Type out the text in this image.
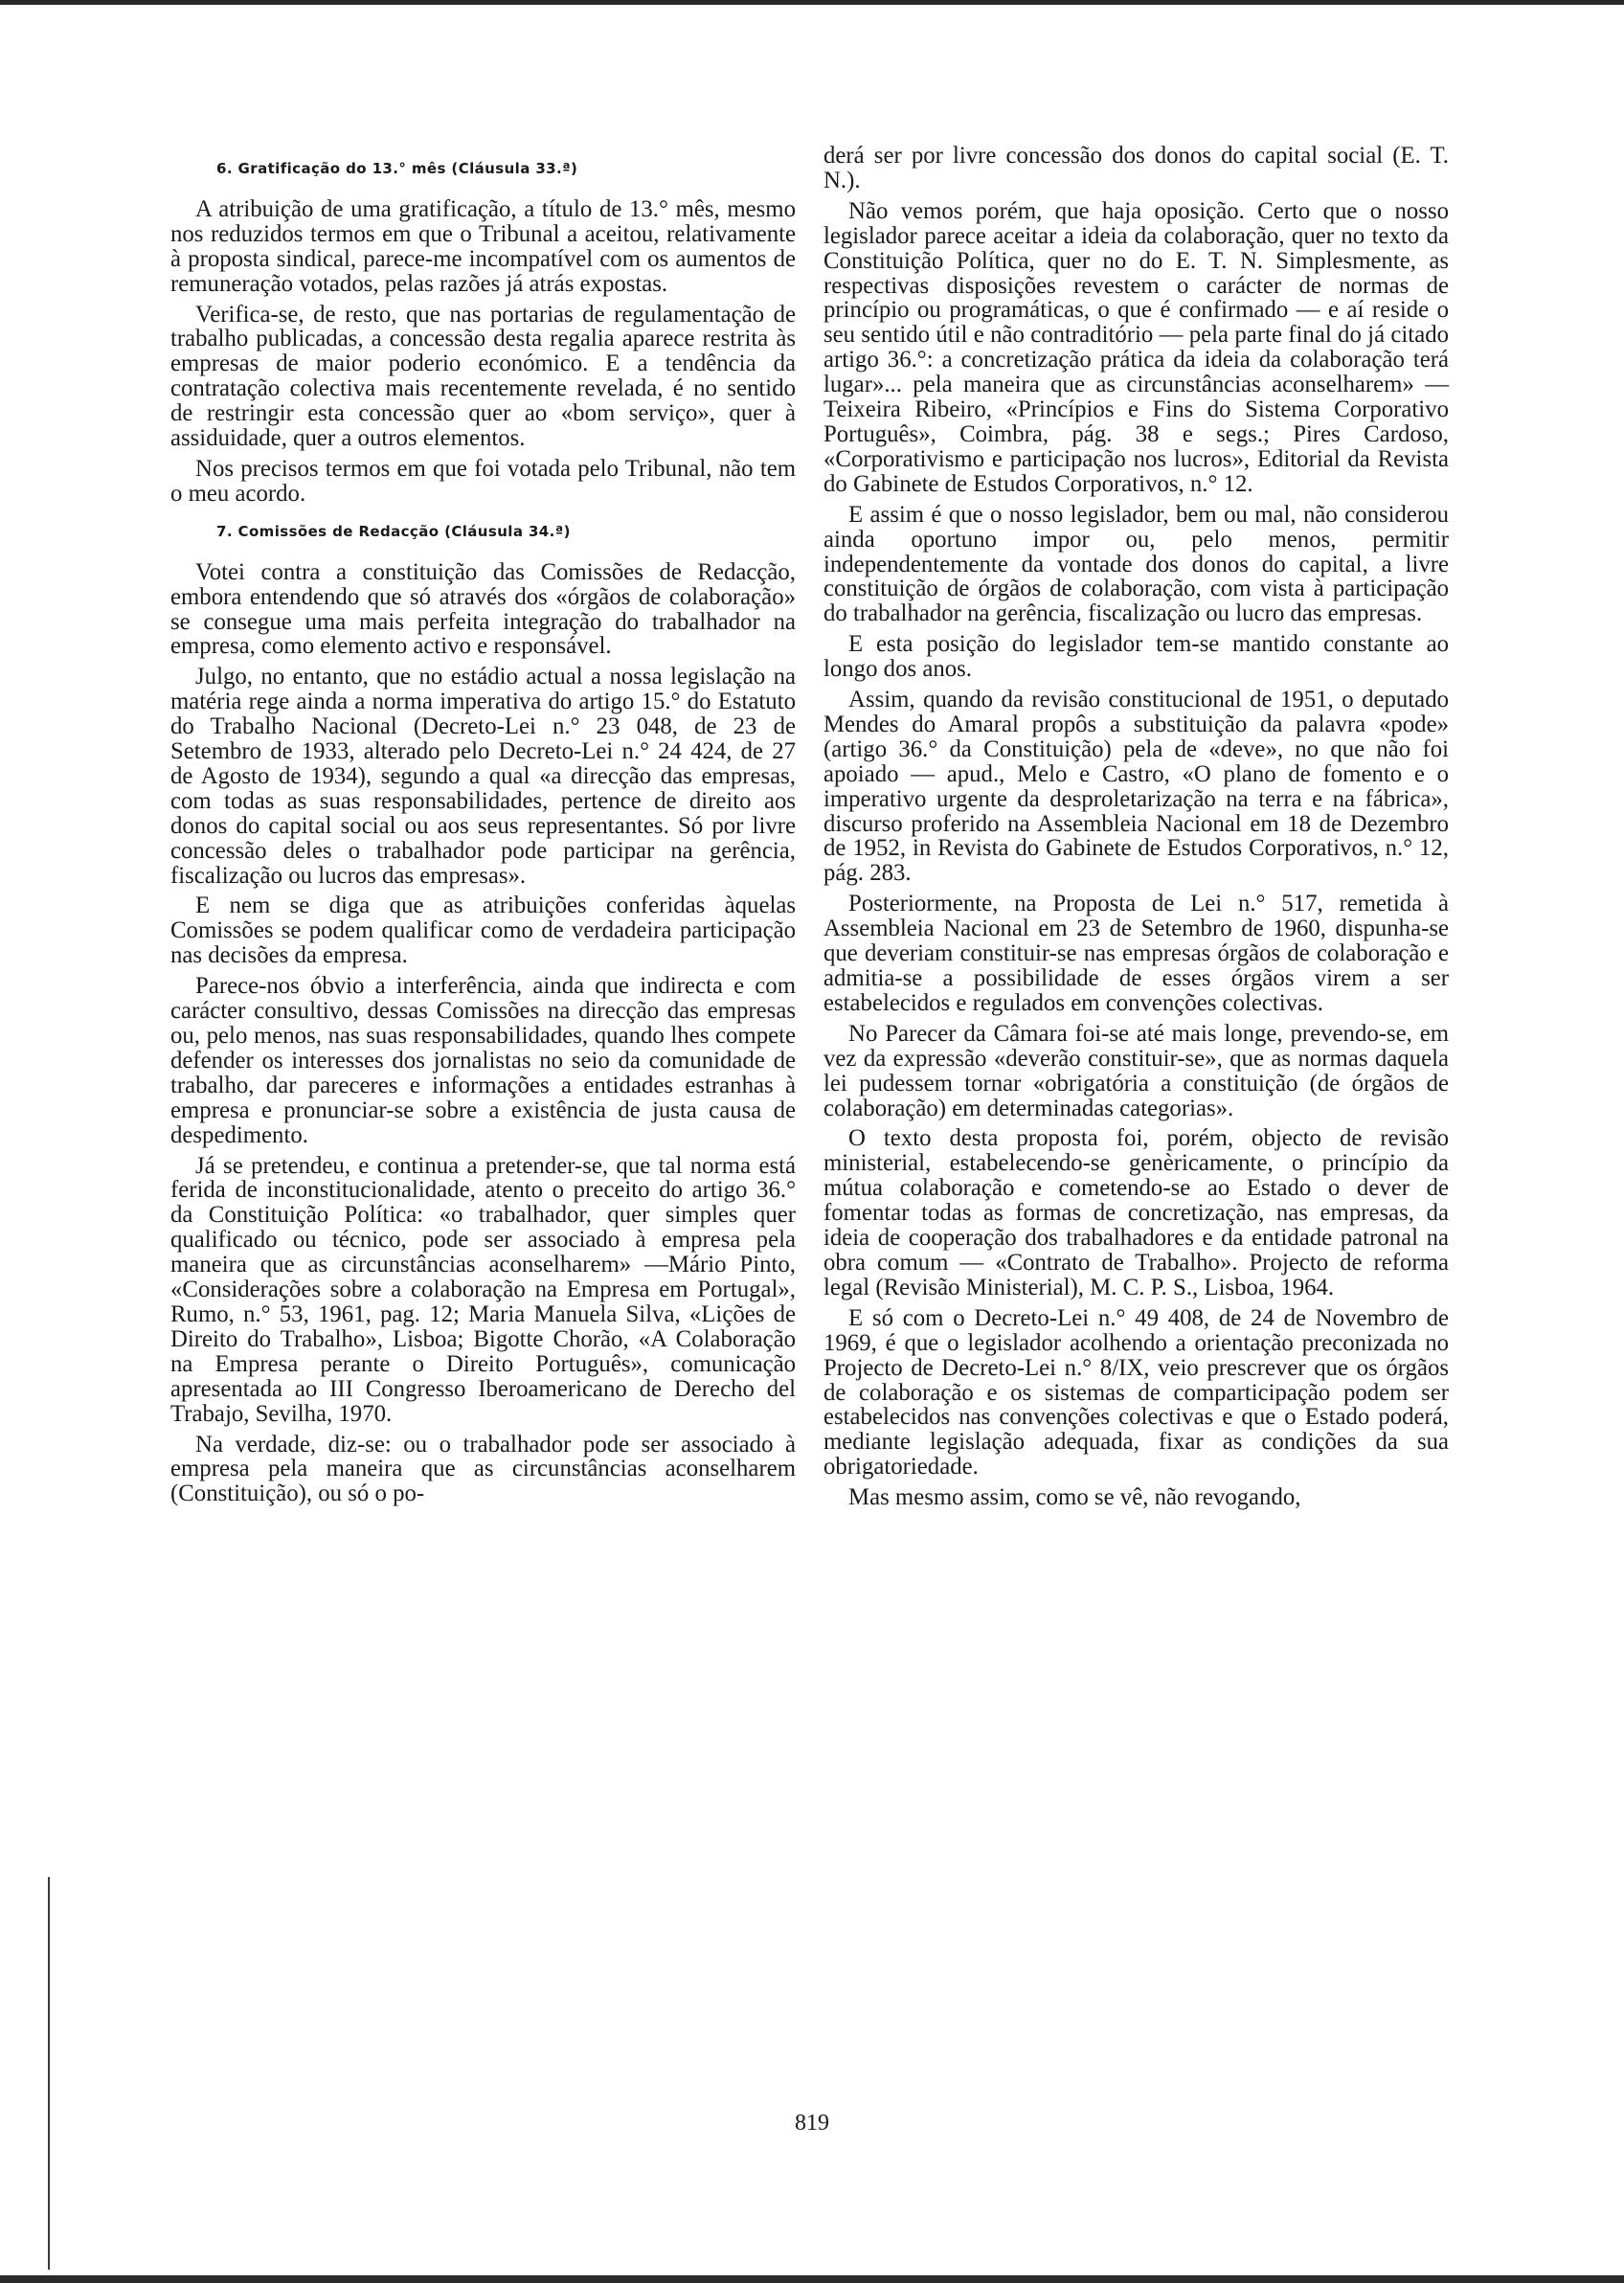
6. Gratificação do 13.° mês (Cláusula 33.ª)

A atribuição de uma gratificação, a título de 13.° mês, mesmo nos reduzidos termos em que o Tribunal a aceitou, relativamente à proposta sindical, parece-me incompatível com os aumentos de remuneração votados, pelas razões já atrás expostas.

Verifica-se, de resto, que nas portarias de regulamentação de trabalho publicadas, a concessão desta regalia aparece restrita às empresas de maior poderio económico. E a tendência da contratação colectiva mais recentemente revelada, é no sentido de restringir esta concessão quer ao «bom serviço», quer à assiduidade, quer a outros elementos.

Nos precisos termos em que foi votada pelo Tribunal, não tem o meu acordo.

7. Comissões de Redacção (Cláusula 34.ª)

Votei contra a constituição das Comissões de Redacção, embora entendendo que só através dos «órgãos de colaboração» se consegue uma mais perfeita integração do trabalhador na empresa, como elemento activo e responsável.

Julgo, no entanto, que no estádio actual a nossa legislação na matéria rege ainda a norma imperativa do artigo 15.° do Estatuto do Trabalho Nacional (Decreto-Lei n.° 23 048, de 23 de Setembro de 1933, alterado pelo Decreto-Lei n.° 24 424, de 27 de Agosto de 1934), segundo a qual «a direcção das empresas, com todas as suas responsabilidades, pertence de direito aos donos do capital social ou aos seus representantes. Só por livre concessão deles o trabalhador pode participar na gerência, fiscalização ou lucros das empresas».

E nem se diga que as atribuições conferidas àquelas Comissões se podem qualificar como de verdadeira participação nas decisões da empresa.

Parece-nos óbvio a interferência, ainda que indirecta e com carácter consultivo, dessas Comissões na direcção das empresas ou, pelo menos, nas suas responsabilidades, quando lhes compete defender os interesses dos jornalistas no seio da comunidade de trabalho, dar pareceres e informações a entidades estranhas à empresa e pronunciar-se sobre a existência de justa causa de despedimento.

Já se pretendeu, e continua a pretender-se, que tal norma está ferida de inconstitucionalidade, atento o preceito do artigo 36.° da Constituição Política: «o trabalhador, quer simples quer qualificado ou técnico, pode ser associado à empresa pela maneira que as circunstâncias aconselharem» —Mário Pinto, «Considerações sobre a colaboração na Empresa em Portugal», Rumo, n.° 53, 1961, pag. 12; Maria Manuela Silva, «Lições de Direito do Trabalho», Lisboa; Bigotte Chorão, «A Colaboração na Empresa perante o Direito Português», comunicação apresentada ao III Congresso Iberoamericano de Derecho del Trabajo, Sevilha, 1970.

Na verdade, diz-se: ou o trabalhador pode ser associado à empresa pela maneira que as circunstâncias aconselharem (Constituição), ou só o po-

derá ser por livre concessão dos donos do capital social (E. T. N.).

Não vemos porém, que haja oposição. Certo que o nosso legislador parece aceitar a ideia da colaboração, quer no texto da Constituição Política, quer no do E. T. N. Simplesmente, as respectivas disposições revestem o carácter de normas de princípio ou programáticas, o que é confirmado — e aí reside o seu sentido útil e não contraditório — pela parte final do já citado artigo 36.°: a concretização prática da ideia da colaboração terá lugar»... pela maneira que as circunstâncias aconselharem» — Teixeira Ribeiro, «Princípios e Fins do Sistema Corporativo Português», Coimbra, pág. 38 e segs.; Pires Cardoso, «Corporativismo e participação nos lucros», Editorial da Revista do Gabinete de Estudos Corporativos, n.° 12.

E assim é que o nosso legislador, bem ou mal, não considerou ainda oportuno impor ou, pelo menos, permitir independentemente da vontade dos donos do capital, a livre constituição de órgãos de colaboração, com vista à participação do trabalhador na gerência, fiscalização ou lucro das empresas.

E esta posição do legislador tem-se mantido constante ao longo dos anos.

Assim, quando da revisão constitucional de 1951, o deputado Mendes do Amaral propôs a substituição da palavra «pode» (artigo 36.° da Constituição) pela de «deve», no que não foi apoiado — apud., Melo e Castro, «O plano de fomento e o imperativo urgente da desproletarização na terra e na fábrica», discurso proferido na Assembleia Nacional em 18 de Dezembro de 1952, in Revista do Gabinete de Estudos Corporativos, n.° 12, pág. 283.

Posteriormente, na Proposta de Lei n.° 517, remetida à Assembleia Nacional em 23 de Setembro de 1960, dispunha-se que deveriam constituir-se nas empresas órgãos de colaboração e admitia-se a possibilidade de esses órgãos virem a ser estabelecidos e regulados em convenções colectivas.

No Parecer da Câmara foi-se até mais longe, prevendo-se, em vez da expressão «deverão constituir-se», que as normas daquela lei pudessem tornar «obrigatória a constituição (de órgãos de colaboração) em determinadas categorias».

O texto desta proposta foi, porém, objecto de revisão ministerial, estabelecendo-se genèricamente, o princípio da mútua colaboração e cometendo-se ao Estado o dever de fomentar todas as formas de concretização, nas empresas, da ideia de cooperação dos trabalhadores e da entidade patronal na obra comum — «Contrato de Trabalho». Projecto de reforma legal (Revisão Ministerial), M. C. P. S., Lisboa, 1964.

E só com o Decreto-Lei n.° 49 408, de 24 de Novembro de 1969, é que o legislador acolhendo a orientação preconizada no Projecto de Decreto-Lei n.° 8/IX, veio prescrever que os órgãos de colaboração e os sistemas de comparticipação podem ser estabelecidos nas convenções colectivas e que o Estado poderá, mediante legislação adequada, fixar as condições da sua obrigatoriedade.

Mas mesmo assim, como se vê, não revogando,

819
